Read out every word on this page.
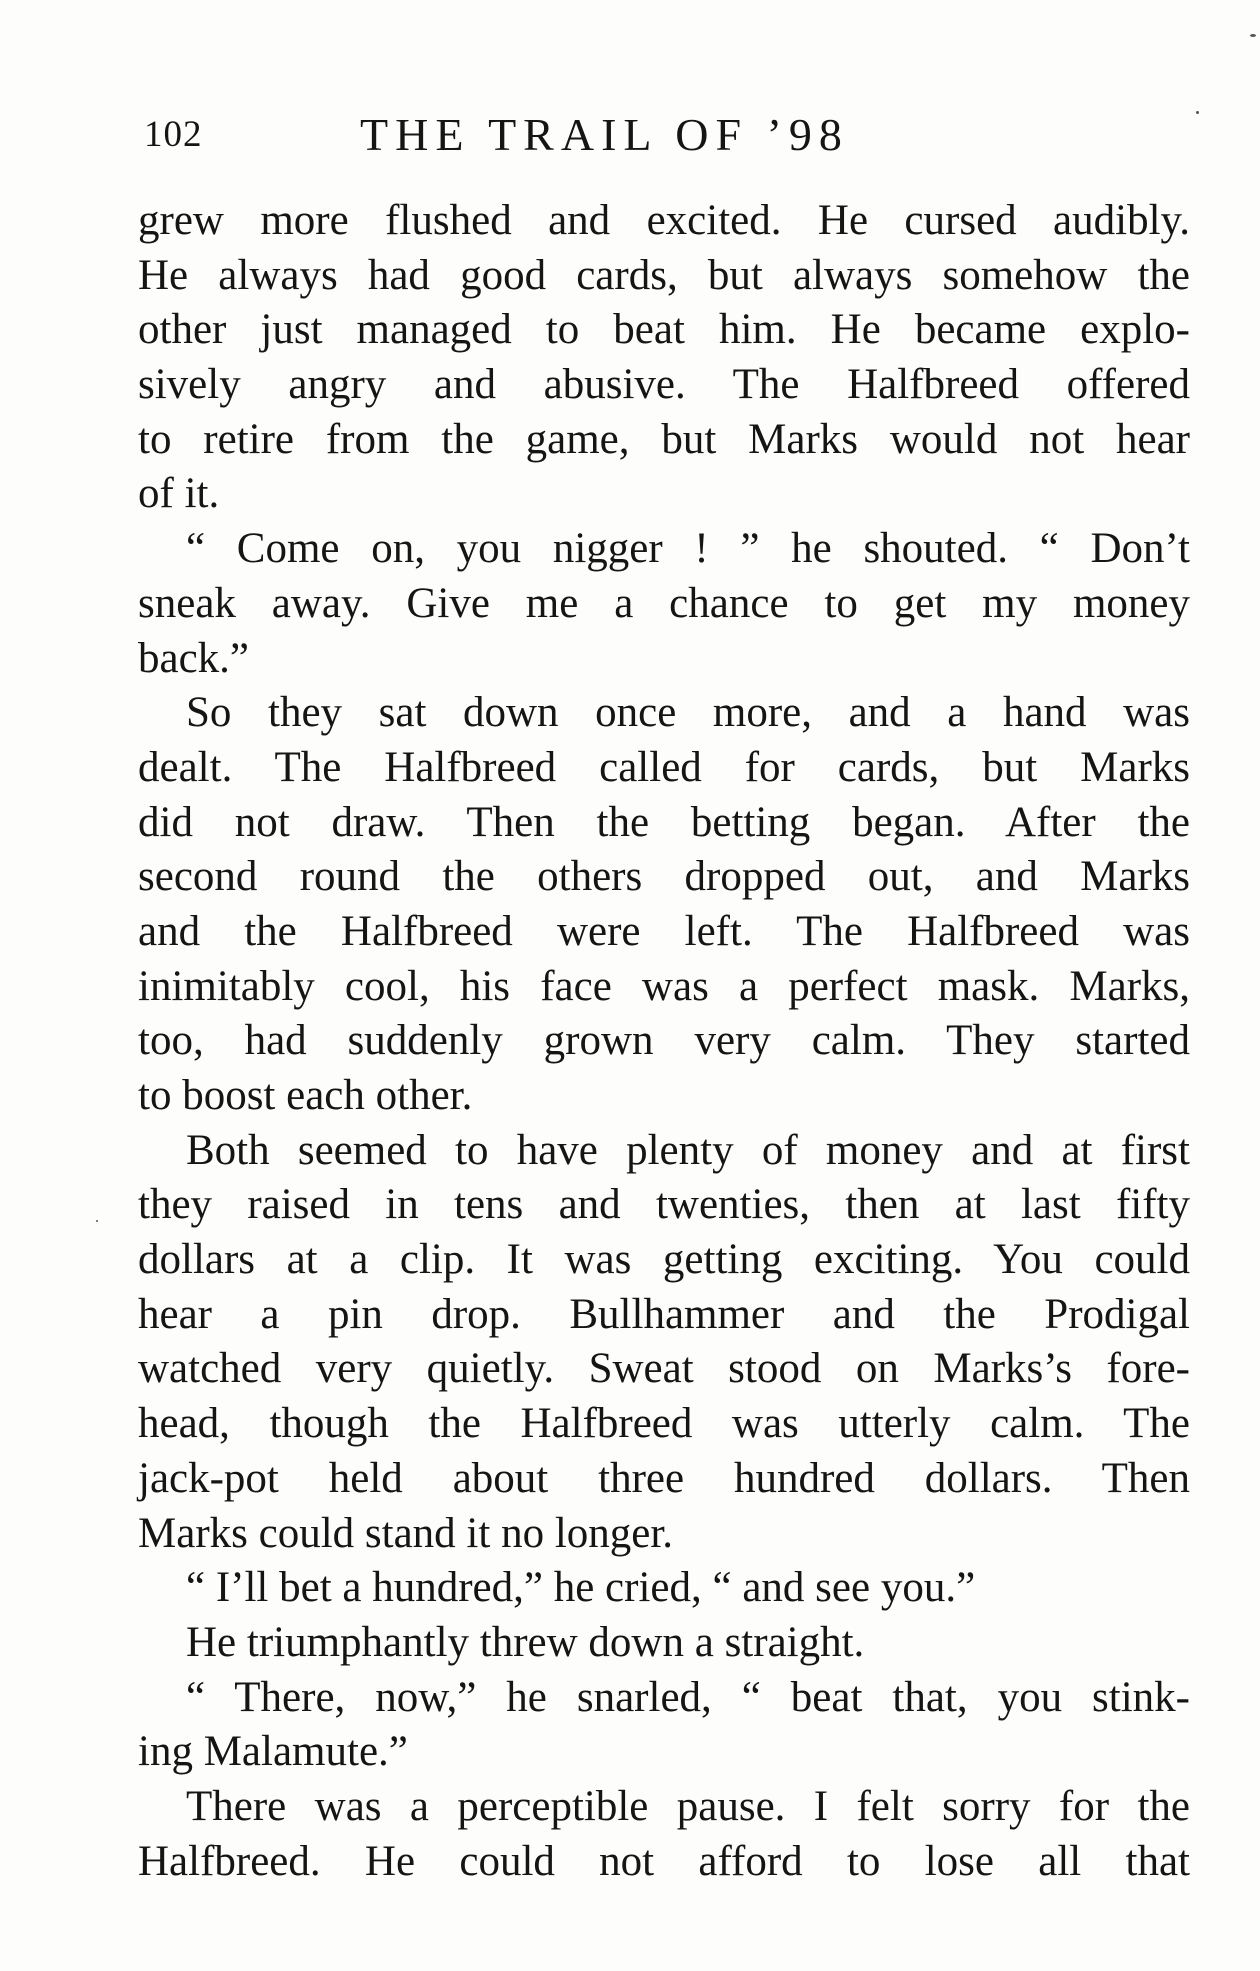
102	THE TRAIL OF ’98
grew more flushed and excited. He cursed audibly.
He always had good cards, but always somehow the
other just managed to beat him. He became explo-
sively angry and abusive. The Halfbreed offered
to retire from the game, but Marks would not hear
of it.
“ Come on, you nigger ! ” he shouted. “ Don’t
sneak away. Give me a chance to get my money
back.”
So they sat down once more, and a hand was
dealt. The Halfbreed called for cards, but Marks
did not draw. Then the betting began. After the
second round the others dropped out, and Marks
and the Halfbreed were left. The Halfbreed was
inimitably cool, his face was a perfect mask. Marks,
too, had suddenly grown very calm. They started
to boost each other.
Both seemed to have plenty of money and at first
they raised in tens and twenties, then at last fifty
dollars at a clip. It was getting exciting. You could
hear a pin drop. Bullhammer and the Prodigal
watched very quietly. Sweat stood on Marks’s fore-
head, though the Halfbreed was utterly calm. The
jack-pot held about three hundred dollars. Then
Marks could stand it no longer.
“ I’ll bet a hundred,” he cried, “ and see you.”
He triumphantly threw down a straight.
“ There, now,” he snarled, “ beat that, you stink-
ing Malamute.”
There was a perceptible pause. I felt sorry for the
Halfbreed. He could not afford to lose all that
